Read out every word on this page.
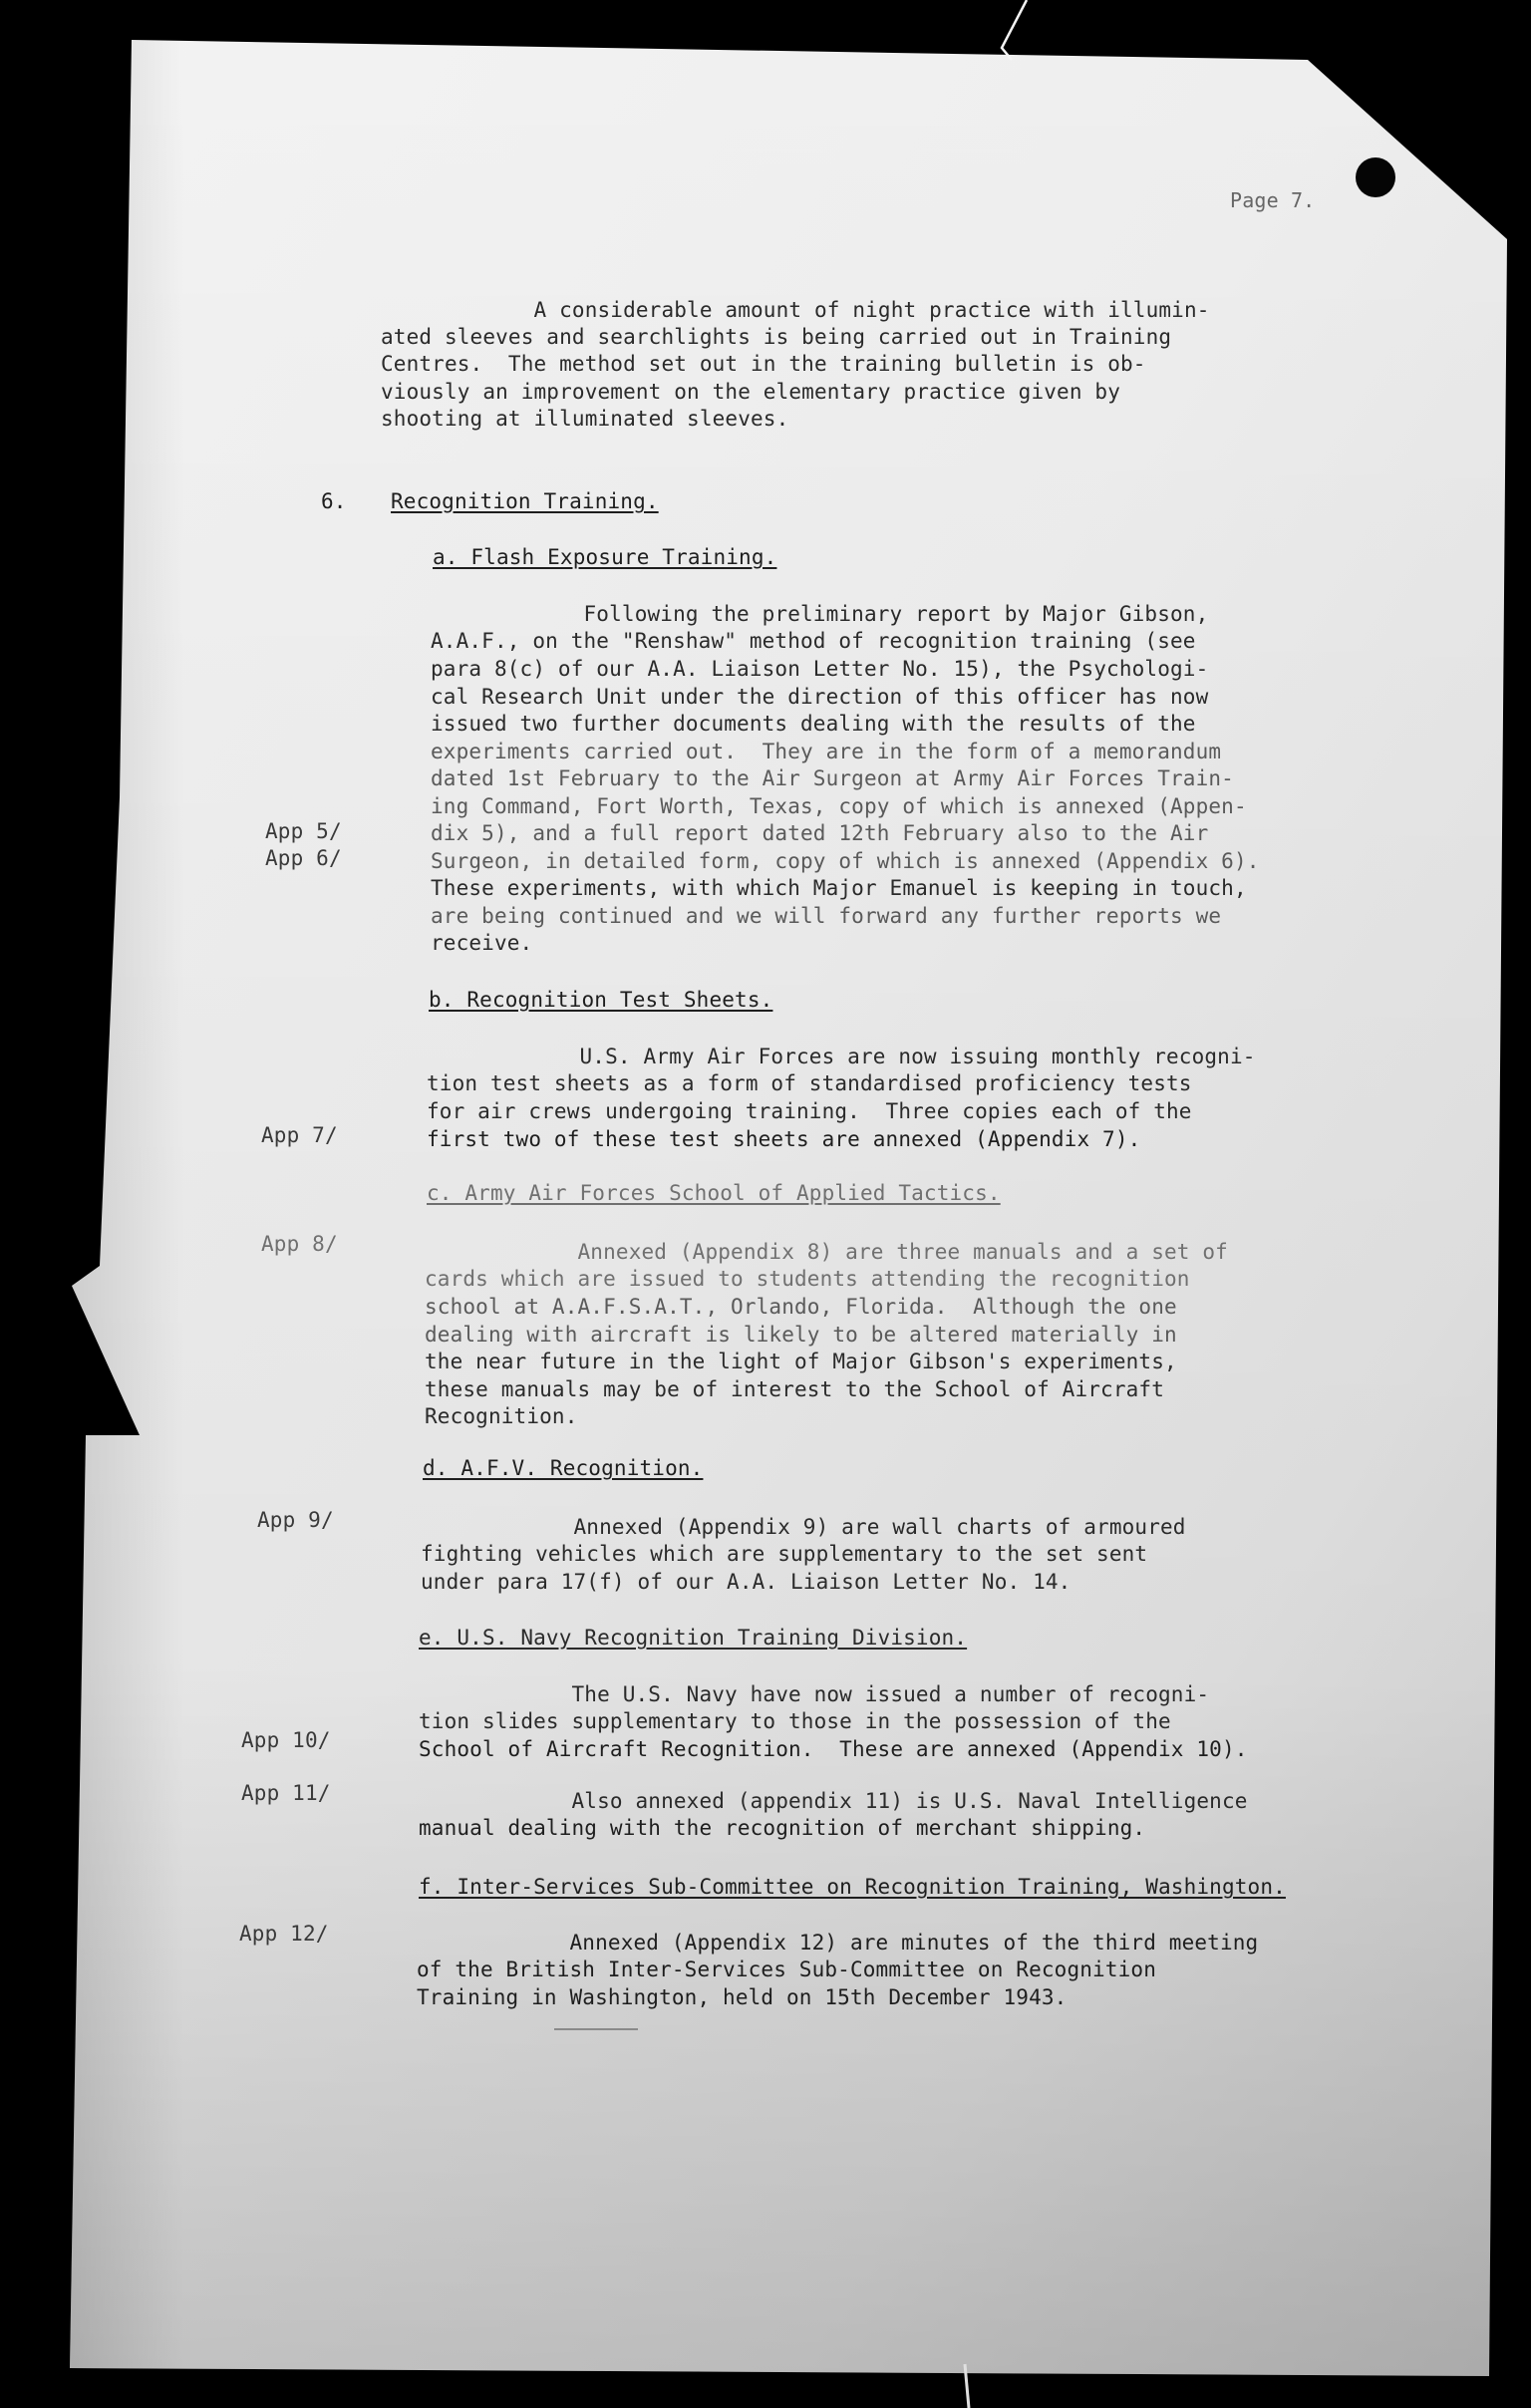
Page 7.
A considerable amount of night practice with illumin-
ated sleeves and searchlights is being carried out in Training
Centres.  The method set out in the training bulletin is ob-
viously an improvement on the elementary practice given by
shooting at illuminated sleeves.
6. Recognition Training.
a. Flash Exposure Training.
Following the preliminary report by Major Gibson,
A.A.F., on the "Renshaw" method of recognition training (see
para 8(c) of our A.A. Liaison Letter No. 15), the Psychologi-
cal Research Unit under the direction of this officer has now
issued two further documents dealing with the results of the
experiments carried out.  They are in the form of a memorandum
dated 1st February to the Air Surgeon at Army Air Forces Train-
ing Command, Fort Worth, Texas, copy of which is annexed (Appen-
dix 5), and a full report dated 12th February also to the Air
Surgeon, in detailed form, copy of which is annexed (Appendix 6).
These experiments, with which Major Emanuel is keeping in touch,
are being continued and we will forward any further reports we
receive.
App 5/
App 6/
b. Recognition Test Sheets.
U.S. Army Air Forces are now issuing monthly recogni-
tion test sheets as a form of standardised proficiency tests
for air crews undergoing training.  Three copies each of the
first two of these test sheets are annexed (Appendix 7).
App 7/
c. Army Air Forces School of Applied Tactics.
Annexed (Appendix 8) are three manuals and a set of
cards which are issued to students attending the recognition
school at A.A.F.S.A.T., Orlando, Florida.  Although the one
dealing with aircraft is likely to be altered materially in
the near future in the light of Major Gibson's experiments,
these manuals may be of interest to the School of Aircraft
Recognition.
App 8/
d. A.F.V. Recognition.
Annexed (Appendix 9) are wall charts of armoured
fighting vehicles which are supplementary to the set sent
under para 17(f) of our A.A. Liaison Letter No. 14.
App 9/
e. U.S. Navy Recognition Training Division.
The U.S. Navy have now issued a number of recogni-
tion slides supplementary to those in the possession of the
School of Aircraft Recognition.  These are annexed (Appendix 10).
App 10/
Also annexed (appendix 11) is U.S. Naval Intelligence
manual dealing with the recognition of merchant shipping.
App 11/
f. Inter-Services Sub-Committee on Recognition Training, Washington.
Annexed (Appendix 12) are minutes of the third meeting
of the British Inter-Services Sub-Committee on Recognition
Training in Washington, held on 15th December 1943.
App 12/
